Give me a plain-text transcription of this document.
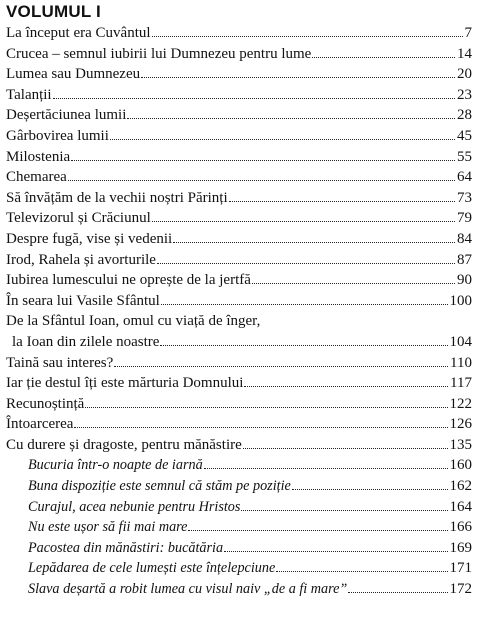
VOLUMUL I
La început era Cuvântul	7
Crucea – semnul iubirii lui Dumnezeu pentru lume	14
Lumea sau Dumnezeu	20
Talanții	23
Deșertăciunea lumii	28
Gârbovirea lumii	45
Milostenia	55
Chemarea	64
Să învățăm de la vechii noștri Părinți	73
Televizorul și Crăciunul	79
Despre fugă, vise și vedenii	84
Irod, Rahela și avorturile	87
Iubirea lumescului ne oprește de la jertfă	90
În seara lui Vasile Sfântul	100
De la Sfântul Ioan, omul cu viață de înger,
la Ioan din zilele noastre	104
Taină sau interes?	110
Iar ție destul îți este mărturia Domnului	117
Recunoștință	122
Întoarcerea	126
Cu durere și dragoste, pentru mănăstire	135
Bucuria într-o noapte de iarnă	160
Buna dispoziție este semnul că stăm pe poziție	162
Curajul, acea nebunie pentru Hristos	164
Nu este ușor să fii mai mare	166
Pacostea din mănăstiri: bucătăria	169
Lepădarea de cele lumești este înțelepciune	171
Slava deșartă a robit lumea cu visul naiv „de a fi mare”	172
